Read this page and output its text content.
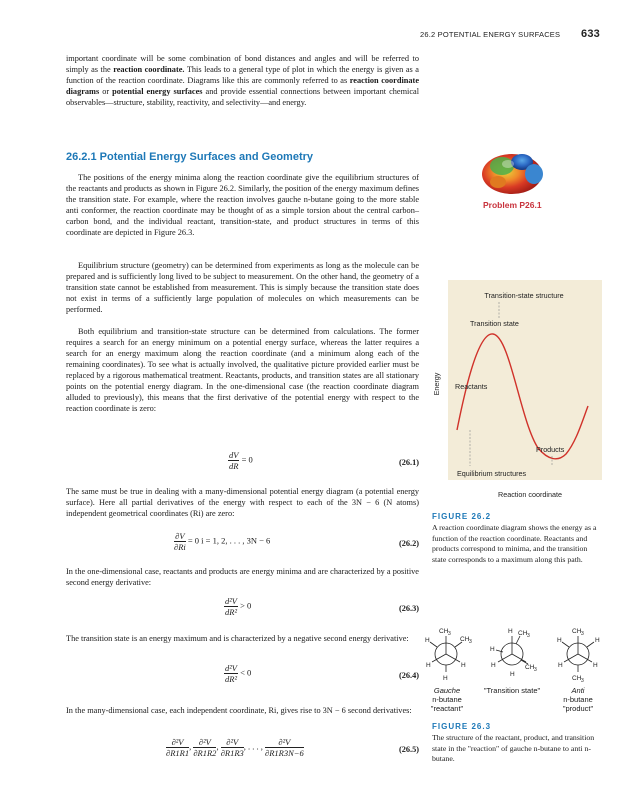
26.2 POTENTIAL ENERGY SURFACES 633

important coordinate will be some combination of bond distances and angles and will be referred to simply as the reaction coordinate. This leads to a general type of plot in which the energy is given as a function of the reaction coordinate. Diagrams like this are commonly referred to as reaction coordinate diagrams or potential energy surfaces and provide essential connections between important chemical observables—structure, stability, reactivity, and selectivity—and energy.

26.2.1 Potential Energy Surfaces and Geometry

The positions of the energy minima along the reaction coordinate give the equilibrium structures of the reactants and products as shown in Figure 26.2. Similarly, the position of the energy maximum defines the transition state. For example, where the reaction involves gauche n-butane going to the more stable anti conformer, the reaction coordinate may be thought of as a simple torsion about the central carbon–carbon bond, and the individual reactant, transition-state, and product structures in terms of this coordinate are depicted in Figure 26.3.

Equilibrium structure (geometry) can be determined from experiments as long as the molecule can be prepared and is sufficiently long lived to be subject to measurement. On the other hand, the geometry of a transition state cannot be established from measurement. This is simply because the transition state does not exist in terms of a sufficiently large population of molecules on which measurements can be performed.

Both equilibrium and transition-state structure can be determined from calculations. The former requires a search for an energy minimum on a potential energy surface, whereas the latter requires a search for an energy maximum along the reaction coordinate (and a minimum along each of the remaining coordinates). To see what is actually involved, the qualitative picture provided earlier must be replaced by a rigorous mathematical treatment. Reactants, products, and transition states are all stationary points on the potential energy diagram. In the one-dimensional case (the reaction coordinate diagram alluded to previously), this means that the first derivative of the potential energy with respect to the reaction coordinate is zero:

$\frac{dV}{dR} = 0$	(26.1)

The same must be true in dealing with a many-dimensional potential energy diagram (a potential energy surface). Here all partial derivatives of the energy with respect to each of the 3N − 6 (N atoms) independent geometrical coordinates (Ri) are zero:

$\frac{\partial V}{\partial Ri} = 0$ i = 1, 2, . . . , 3N − 6	(26.2)

In the one-dimensional case, reactants and products are energy minima and are characterized by a positive second energy derivative:

$\frac{\text{d²V}}{\text{dR²}} > 0$	(26.3)

The transition state is an energy maximum and is characterized by a negative second energy derivative:

$\frac{\text{d²V}}{\text{dR²}} < 0$	(26.4)

In the many-dimensional case, each independent coordinate, Ri, gives rise to 3N − 6 second derivatives:

$\frac{\text{∂²V}}{\partial R1R1}$ , $\frac{\text{∂²V}}{\partial R1R2}$ , $\frac{\text{∂²V}}{\partial R1R3}$ , . . . , $\frac{\text{∂²V}}{\partial R1R3N-6}$	(26.5)
Problem P26.1
Transition-state structure
Transition state
Reactants
Products
Equilibrium structures
Energy
Reaction coordinate
FIGURE 26.2

A reaction coordinate diagram shows the energy as a function of the reaction coordinate. Reactants and products correspond to minima, and the transition state corresponds to a maximum along this path.

CH 3
CH 3
H
H	H
H
H CH 3
H
H	CH 3
H
CH 3
H	H
H	H
CH 3
Gauche
n-butane
"reactant"
"Transition state"	Anti
n-butane
"product"
FIGURE 26.3

The structure of the reactant, product, and transition state in the "reaction" of gauche n-butane to anti n-butane.
